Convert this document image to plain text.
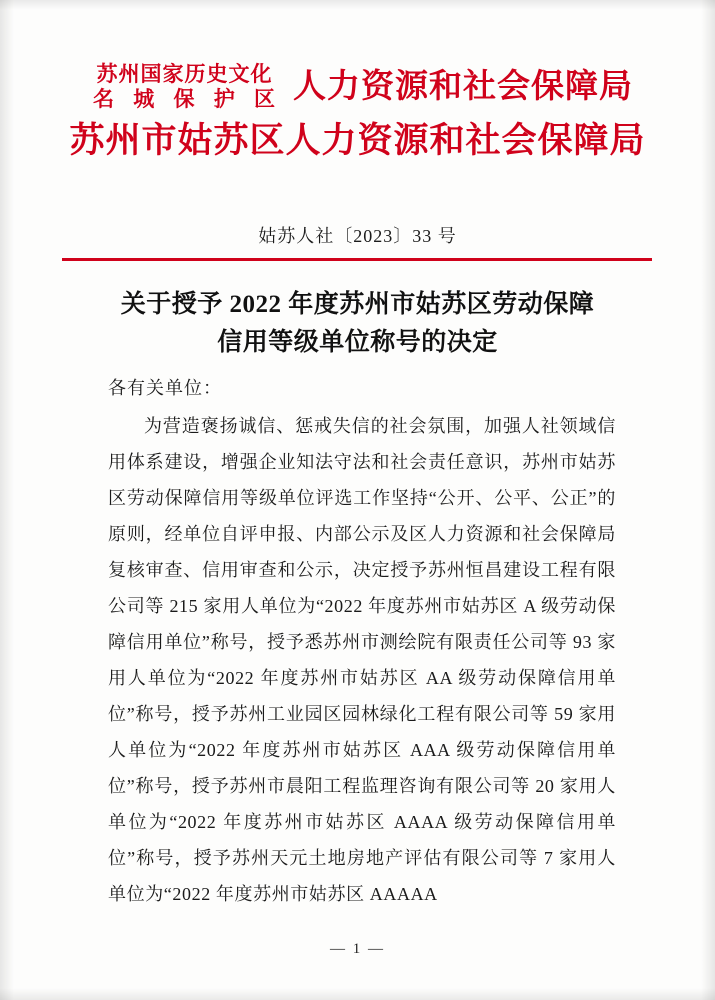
苏州国家历史文化
名 城 保 护 区 人力资源和社会保障局
苏州市姑苏区人力资源和社会保障局
姑苏人社〔2023〕33 号
关于授予 2022 年度苏州市姑苏区劳动保障
信用等级单位称号的决定
各有关单位：
为营造褒扬诚信、惩戒失信的社会氛围，加强人社领域信用体系建设，增强企业知法守法和社会责任意识，苏州市姑苏区劳动保障信用等级单位评选工作坚持“公开、公平、公正”的原则，经单位自评申报、内部公示及区人力资源和社会保障局复核审查、信用审查和公示，决定授予苏州恒昌建设工程有限公司等 215 家用人单位为“2022 年度苏州市姑苏区 A 级劳动保障信用单位”称号，授予悉苏州市测绘院有限责任公司等 93 家用人单位为“2022 年度苏州市姑苏区 AA 级劳动保障信用单位”称号，授予苏州工业园区园林绿化工程有限公司等 59 家用人单位为“2022 年度苏州市姑苏区 AAA 级劳动保障信用单位”称号，授予苏州市晨阳工程监理咨询有限公司等 20 家用人单位为“2022 年度苏州市姑苏区 AAAA 级劳动保障信用单位”称号，授予苏州天元土地房地产评估有限公司等 7 家用人单位为“2022 年度苏州市姑苏区 AAAAA
— 1 —
